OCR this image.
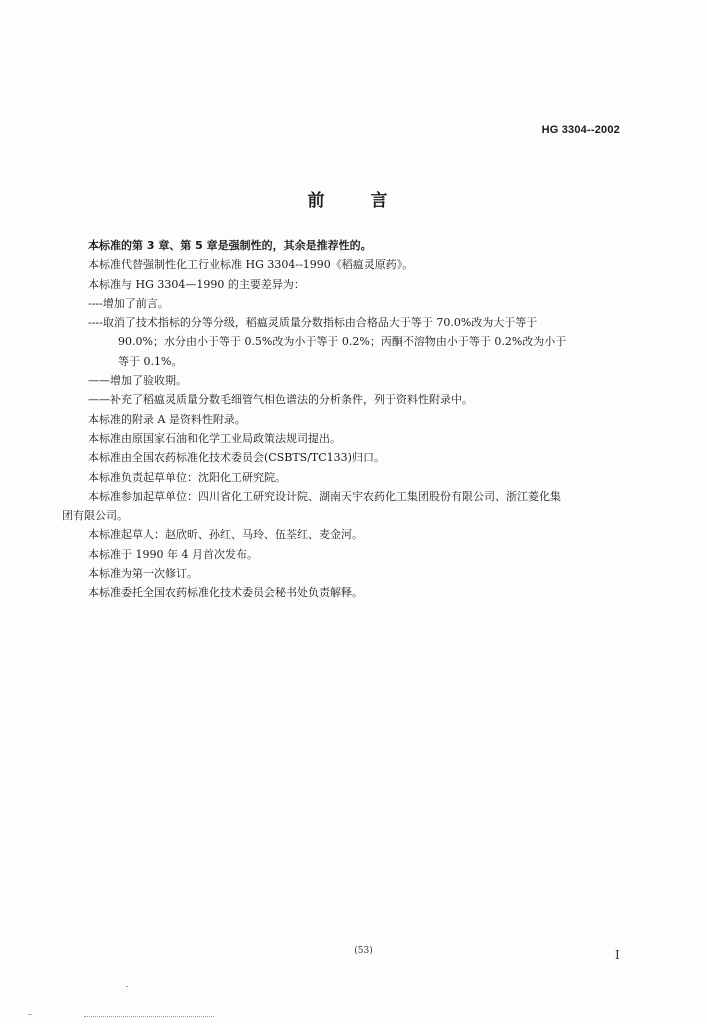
HG 3304--2002
前言

本标准的第 3 章、第 5 章是强制性的，其余是推荐性的。

本标准代替强制性化工行业标准 HG 3304--1990《稻瘟灵原药》。

本标准与 HG 3304—1990 的主要差异为：

----增加了前言。

----取消了技术指标的分等分级，稻瘟灵质量分数指标由合格品大于等于 70.0%改为大于等于
90.0%；水分由小于等于 0.5%改为小于等于 0.2%；丙酮不溶物由小于等于 0.2%改为小于
等于 0.1%。

——增加了验收期。

——补充了稻瘟灵质量分数毛细管气相色谱法的分析条件，列于资料性附录中。

本标准的附录 A 是资料性附录。

本标准由原国家石油和化学工业局政策法规司提出。

本标准由全国农药标准化技术委员会(CSBTS/TC133)归口。

本标准负责起草单位：沈阳化工研究院。

本标准参加起草单位：四川省化工研究设计院、湖南天宇农药化工集团股份有限公司、浙江菱化集
团有限公司。

本标准起草人：赵欣昕、孙红、马玲、伍荃红、麦金河。

本标准于 1990 年 4 月首次发布。

本标准为第一次修订。

本标准委托全国农药标准化技术委员会秘书处负责解释。

(53)	I
